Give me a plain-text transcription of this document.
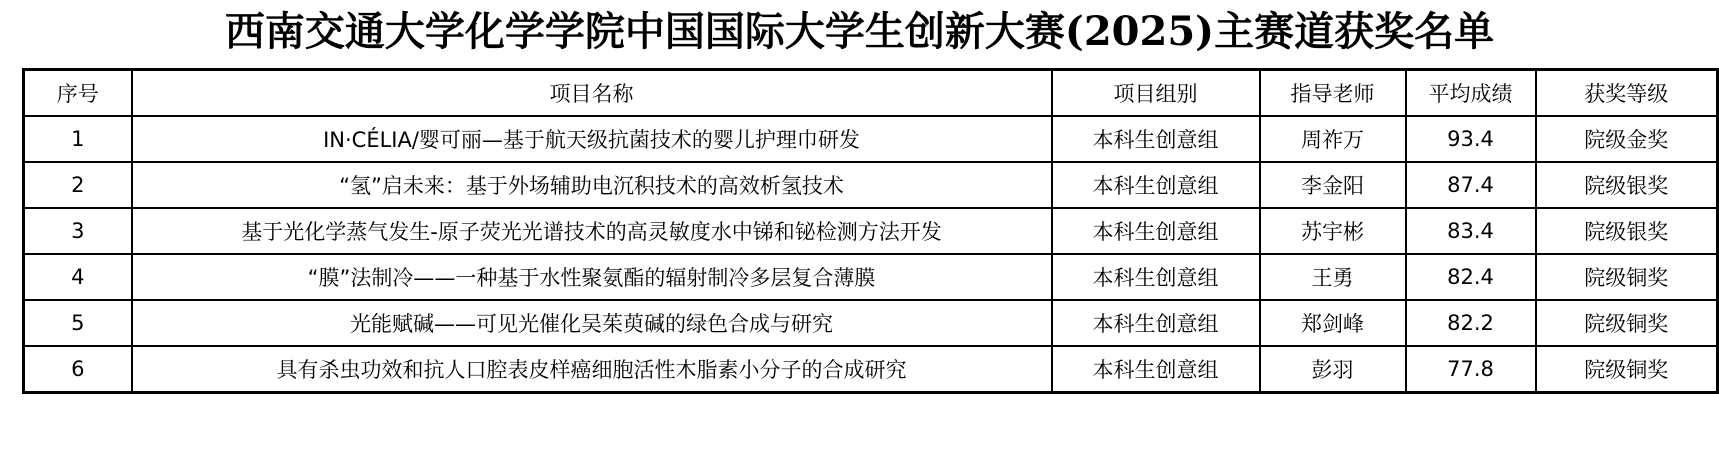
西南交通大学化学学院中国国际大学生创新大赛(2025)主赛道获奖名单
序号	项目名称	项目组别	指导老师	平均成绩	获奖等级
1	IN·CÉLIA/婴可丽—基于航天级抗菌技术的婴儿护理巾研发	本科生创意组	周祚万	93.4	院级金奖
2	“氢”启未来：基于外场辅助电沉积技术的高效析氢技术	本科生创意组	李金阳	87.4	院级银奖
3	基于光化学蒸气发生-原子荧光光谱技术的高灵敏度水中锑和铋检测方法开发	本科生创意组	苏宇彬	83.4	院级银奖
4	“膜”法制冷——一种基于水性聚氨酯的辐射制冷多层复合薄膜	本科生创意组	王勇	82.4	院级铜奖
5	光能赋碱——可见光催化吴茱萸碱的绿色合成与研究	本科生创意组	郑剑峰	82.2	院级铜奖
6	具有杀虫功效和抗人口腔表皮样癌细胞活性木脂素小分子的合成研究	本科生创意组	彭羽	77.8	院级铜奖
